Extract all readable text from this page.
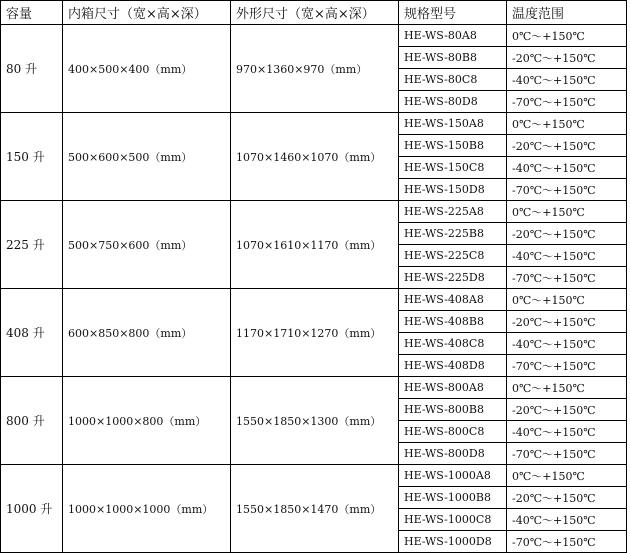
容量	内箱尺寸（宽×高×深）	外形尺寸（宽×高×深）	规格型号	温度范围
80 升	400×500×400（mm）	970×1360×970（mm）	HE-WS-80A8	0℃～+150℃
			HE-WS-80B8	-20℃～+150℃
			HE-WS-80C8	-40℃～+150℃
			HE-WS-80D8	-70℃～+150℃
150 升	500×600×500（mm）	1070×1460×1070（mm）	HE-WS-150A8	0℃～+150℃
			HE-WS-150B8	-20℃～+150℃
			HE-WS-150C8	-40℃～+150℃
			HE-WS-150D8	-70℃～+150℃
225 升	500×750×600（mm）	1070×1610×1170（mm）	HE-WS-225A8	0℃～+150℃
			HE-WS-225B8	-20℃～+150℃
			HE-WS-225C8	-40℃～+150℃
			HE-WS-225D8	-70℃～+150℃
408 升	600×850×800（mm）	1170×1710×1270（mm）	HE-WS-408A8	0℃～+150℃
			HE-WS-408B8	-20℃～+150℃
			HE-WS-408C8	-40℃～+150℃
			HE-WS-408D8	-70℃～+150℃
800 升	1000×1000×800（mm）	1550×1850×1300（mm）	HE-WS-800A8	0℃～+150℃
			HE-WS-800B8	-20℃～+150℃
			HE-WS-800C8	-40℃～+150℃
			HE-WS-800D8	-70℃～+150℃
1000 升	1000×1000×1000（mm）	1550×1850×1470（mm）	HE-WS-1000A8	0℃～+150℃
			HE-WS-1000B8	-20℃～+150℃
			HE-WS-1000C8	-40℃～+150℃
			HE-WS-1000D8	-70℃～+150℃
